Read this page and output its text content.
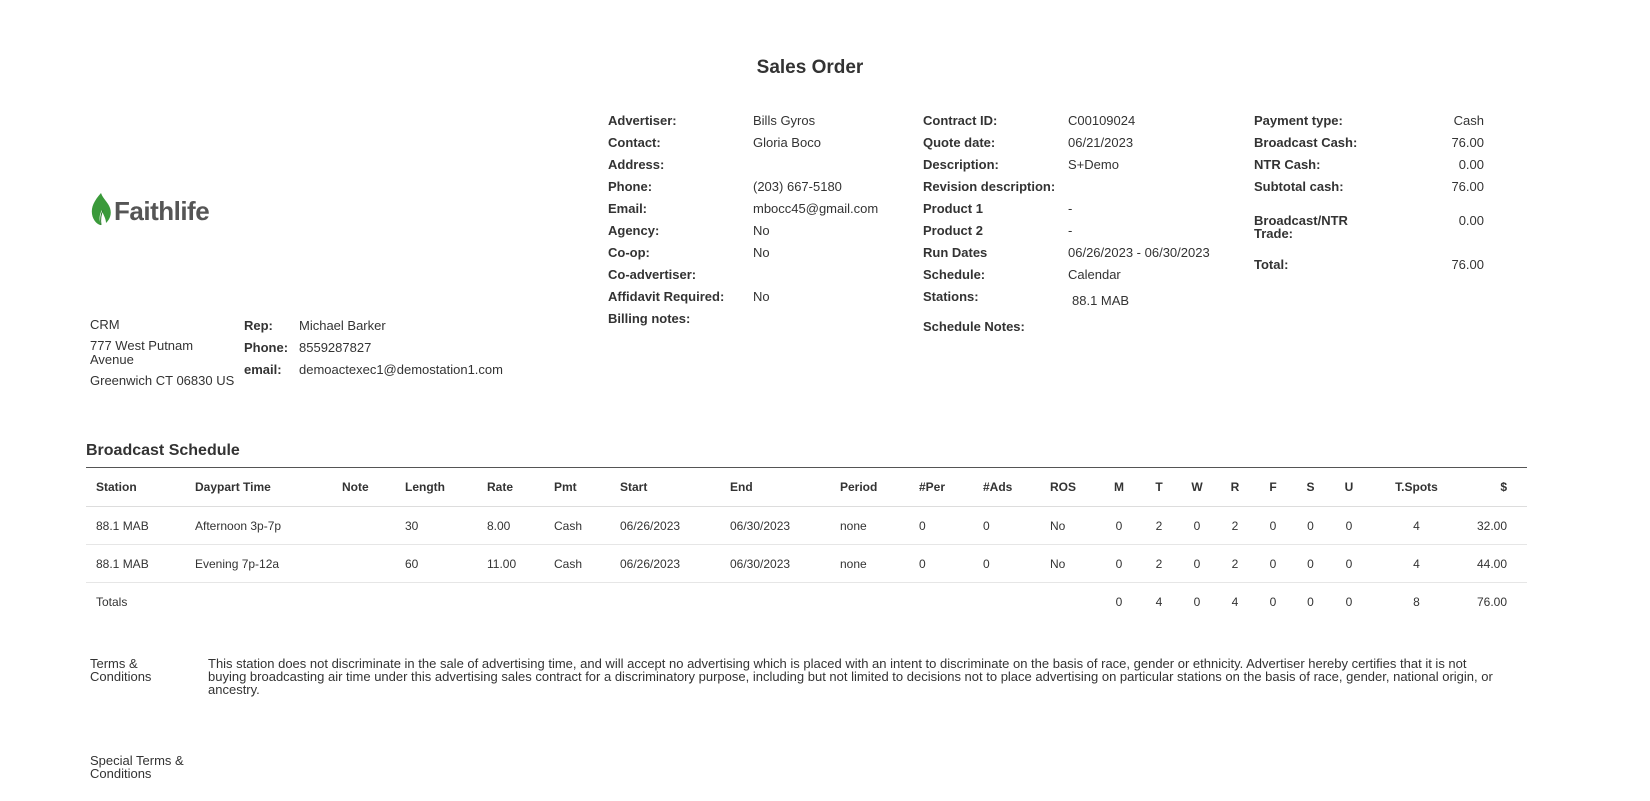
Sales Order
Faithlife
Advertiser:	Bills Gyros
Contact:	Gloria Boco
Address:
Phone:	(203) 667-5180
Email:	mbocc45@gmail.com
Agency:	No
Co-op:	No
Co-advertiser:
Affidavit Required:	No
Billing notes:
Contract ID:	C00109024
Quote date:	06/21/2023
Description:	S+Demo
Revision description:
Product 1	-
Product 2	-
Run Dates	06/26/2023 - 06/30/2023
Schedule:	Calendar
Stations:	88.1 MAB
Schedule Notes:
Payment type:	Cash
Broadcast Cash:	76.00
NTR Cash:	0.00
Subtotal cash:	76.00
Broadcast/NTR Trade:
0.00
Total:	76.00
CRM
777 West Putnam Avenue
Greenwich CT 06830 US
Rep:	Michael Barker
Phone: 8559287827
email:	demoactexec1@demostation1.com
Broadcast Schedule
Station	Daypart Time	Note	Length	Rate	Pmt	Start	End	Period	#Per	#Ads	ROS	M	T	W	R	F	S	U	T.Spots	$
88.1 MAB	Afternoon 3p-7p		30	8.00	Cash	06/26/2023	06/30/2023	none	0	0	No	0	2	0	2	0	0	0	4	32.00
88.1 MAB	Evening 7p-12a		60	11.00	Cash	06/26/2023	06/30/2023	none	0	0	No	0	2	0	2	0	0	0	4	44.00
Totals												0	4	0	4	0	0	0	8	76.00
Terms & Conditions
This station does not discriminate in the sale of advertising time, and will accept no advertising which is placed with an intent to discriminate on the basis of race, gender or ethnicity. Advertiser hereby certifies that it is not buying broadcasting air time under this advertising sales contract for a discriminatory purpose, including but not limited to decisions not to place advertising on particular stations on the basis of race, gender, national origin, or ancestry.
Special Terms & Conditions
